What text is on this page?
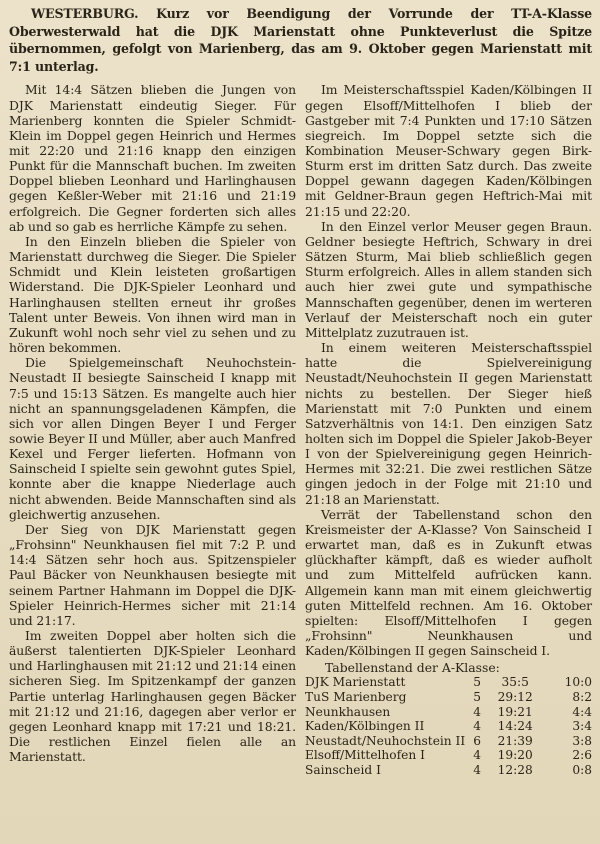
WESTERBURG. Kurz vor Beendigung der Vorrunde der TT-A-Klasse Oberwesterwald hat die DJK Marienstatt ohne Punkteverlust die Spitze übernommen, gefolgt von Marienberg, das am 9. Oktober gegen Marienstatt mit 7:1 unterlag.

Mit 14:4 Sätzen blieben die Jungen von DJK Marienstatt eindeutig Sieger. Für Marienberg konnten die Spieler Schmidt-Klein im Doppel gegen Heinrich und Hermes mit 22:20 und 21:16 knapp den einzigen Punkt für die Mannschaft buchen. Im zweiten Doppel blieben Leonhard und Harlinghausen gegen Keßler-Weber mit 21:16 und 21:19 erfolgreich. Die Gegner forderten sich alles ab und so gab es herrliche Kämpfe zu sehen.

In den Einzeln blieben die Spieler von Marienstatt durchweg die Sieger. Die Spieler Schmidt und Klein leisteten großartigen Widerstand. Die DJK-Spieler Leonhard und Harlinghausen stellten erneut ihr großes Talent unter Beweis. Von ihnen wird man in Zukunft wohl noch sehr viel zu sehen und zu hören bekommen.

Die Spielgemeinschaft Neuhochstein-Neustadt II besiegte Sainscheid I knapp mit 7:5 und 15:13 Sätzen. Es mangelte auch hier nicht an spannungsgeladenen Kämpfen, die sich vor allen Dingen Beyer I und Ferger sowie Beyer II und Müller, aber auch Manfred Kexel und Ferger lieferten. Hofmann von Sainscheid I spielte sein gewohnt gutes Spiel, konnte aber die knappe Niederlage auch nicht abwenden. Beide Mannschaften sind als gleichwertig anzusehen.

Der Sieg von DJK Marienstatt gegen „Frohsinn" Neunkhausen fiel mit 7:2 P. und 14:4 Sätzen sehr hoch aus. Spitzenspieler Paul Bäcker von Neunkhausen besiegte mit seinem Partner Hahmann im Doppel die DJK-Spieler Heinrich-Hermes sicher mit 21:14 und 21:17.

Im zweiten Doppel aber holten sich die äußerst talentierten DJK-Spieler Leonhard und Harlinghausen mit 21:12 und 21:14 einen sicheren Sieg. Im Spitzenkampf der ganzen Partie unterlag Harlinghausen gegen Bäcker mit 21:12 und 21:16, dagegen aber verlor er gegen Leonhard knapp mit 17:21 und 18:21. Die restlichen Einzel fielen alle an Marienstatt.

Im Meisterschaftsspiel Kaden/Kölbingen II gegen Elsoff/Mittelhofen I blieb der Gastgeber mit 7:4 Punkten und 17:10 Sätzen siegreich. Im Doppel setzte sich die Kombination Meuser-Schwary gegen Birk-Sturm erst im dritten Satz durch. Das zweite Doppel gewann dagegen Kaden/Kölbingen mit Geldner-Braun gegen Heftrich-Mai mit 21:15 und 22:20.

In den Einzel verlor Meuser gegen Braun. Geldner besiegte Heftrich, Schwary in drei Sätzen Sturm, Mai blieb schließlich gegen Sturm erfolgreich. Alles in allem standen sich auch hier zwei gute und sympathische Mannschaften gegenüber, denen im werteren Verlauf der Meisterschaft noch ein guter Mittelplatz zuzutrauen ist.

In einem weiteren Meisterschaftsspiel hatte die Spielvereinigung Neustadt/Neuhochstein II gegen Marienstatt nichts zu bestellen. Der Sieger hieß Marienstatt mit 7:0 Punkten und einem Satzverhältnis von 14:1. Den einzigen Satz holten sich im Doppel die Spieler Jakob-Beyer I von der Spielvereinigung gegen Heinrich-Hermes mit 32:21. Die zwei restlichen Sätze gingen jedoch in der Folge mit 21:10 und 21:18 an Marienstatt.

Verrät der Tabellenstand schon den Kreismeister der A-Klasse? Von Sainscheid I erwartet man, daß es in Zukunft etwas glückhafter kämpft, daß es wieder aufholt und zum Mittelfeld aufrücken kann. Allgemein kann man mit einem gleichwertig guten Mittelfeld rechnen. Am 16. Oktober spielten: Elsoff/Mittelhofen I gegen „Frohsinn" Neunkhausen und Kaden/Kölbingen II gegen Sainscheid I.

Tabellenstand der A-Klasse:
DJK Marienstatt	5	35:5	10:0
TuS Marienberg	5	29:12	8:2
Neunkhausen	4	19:21	4:4
Kaden/Kölbingen II	4	14:24	3:4
Neustadt/Neuhochstein II	6	21:39	3:8
Elsoff/Mittelhofen I	4	19:20	2:6
Sainscheid I	4	12:28	0:8
